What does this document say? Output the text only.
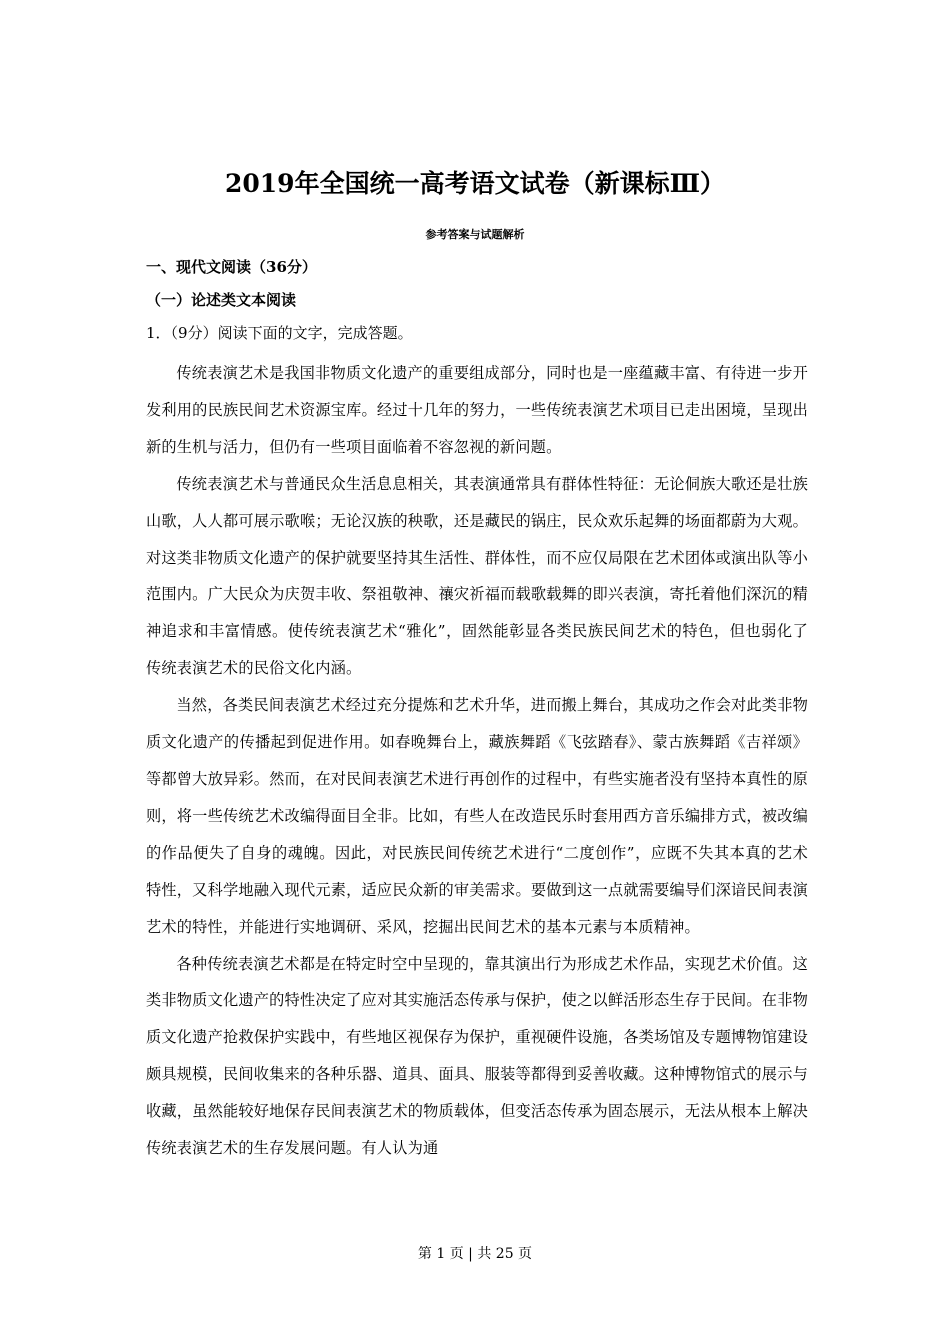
2019年全国统一高考语文试卷（新课标Ⅲ）
参考答案与试题解析
一、现代文阅读（36分）
（一）论述类文本阅读
1．（9分）阅读下面的文字，完成答题。

传统表演艺术是我国非物质文化遗产的重要组成部分，同时也是一座蕴藏丰富、有待进一步开发利用的民族民间艺术资源宝库。经过十几年的努力，一些传统表演艺术项目已走出困境，呈现出新的生机与活力，但仍有一些项目面临着不容忽视的新问题。

传统表演艺术与普通民众生活息息相关，其表演通常具有群体性特征：无论侗族大歌还是壮族山歌，人人都可展示歌喉；无论汉族的秧歌，还是藏民的锅庄，民众欢乐起舞的场面都蔚为大观。对这类非物质文化遗产的保护就要坚持其生活性、群体性，而不应仅局限在艺术团体或演出队等小范围内。广大民众为庆贺丰收、祭祖敬神、禳灾祈福而载歌载舞的即兴表演，寄托着他们深沉的精神追求和丰富情感。使传统表演艺术“雅化”，固然能彰显各类民族民间艺术的特色，但也弱化了传统表演艺术的民俗文化内涵。

当然，各类民间表演艺术经过充分提炼和艺术升华，进而搬上舞台，其成功之作会对此类非物质文化遗产的传播起到促进作用。如春晚舞台上，藏族舞蹈《飞弦踏春》、蒙古族舞蹈《吉祥颂》等都曾大放异彩。然而，在对民间表演艺术进行再创作的过程中，有些实施者没有坚持本真性的原则，将一些传统艺术改编得面目全非。比如，有些人在改造民乐时套用西方音乐编排方式，被改编的作品便失了自身的魂魄。因此，对民族民间传统艺术进行“二度创作”，应既不失其本真的艺术特性，又科学地融入现代元素，适应民众新的审美需求。要做到这一点就需要编导们深谙民间表演艺术的特性，并能进行实地调研、采风，挖掘出民间艺术的基本元素与本质精神。

各种传统表演艺术都是在特定时空中呈现的，靠其演出行为形成艺术作品，实现艺术价值。这类非物质文化遗产的特性决定了应对其实施活态传承与保护，使之以鲜活形态生存于民间。在非物质文化遗产抢救保护实践中，有些地区视保存为保护，重视硬件设施，各类场馆及专题博物馆建设颇具规模，民间收集来的各种乐器、道具、面具、服装等都得到妥善收藏。这种博物馆式的展示与收藏，虽然能较好地保存民间表演艺术的物质载体，但变活态传承为固态展示，无法从根本上解决传统表演艺术的生存发展问题。有人认为通

第 1 页 | 共 25 页
